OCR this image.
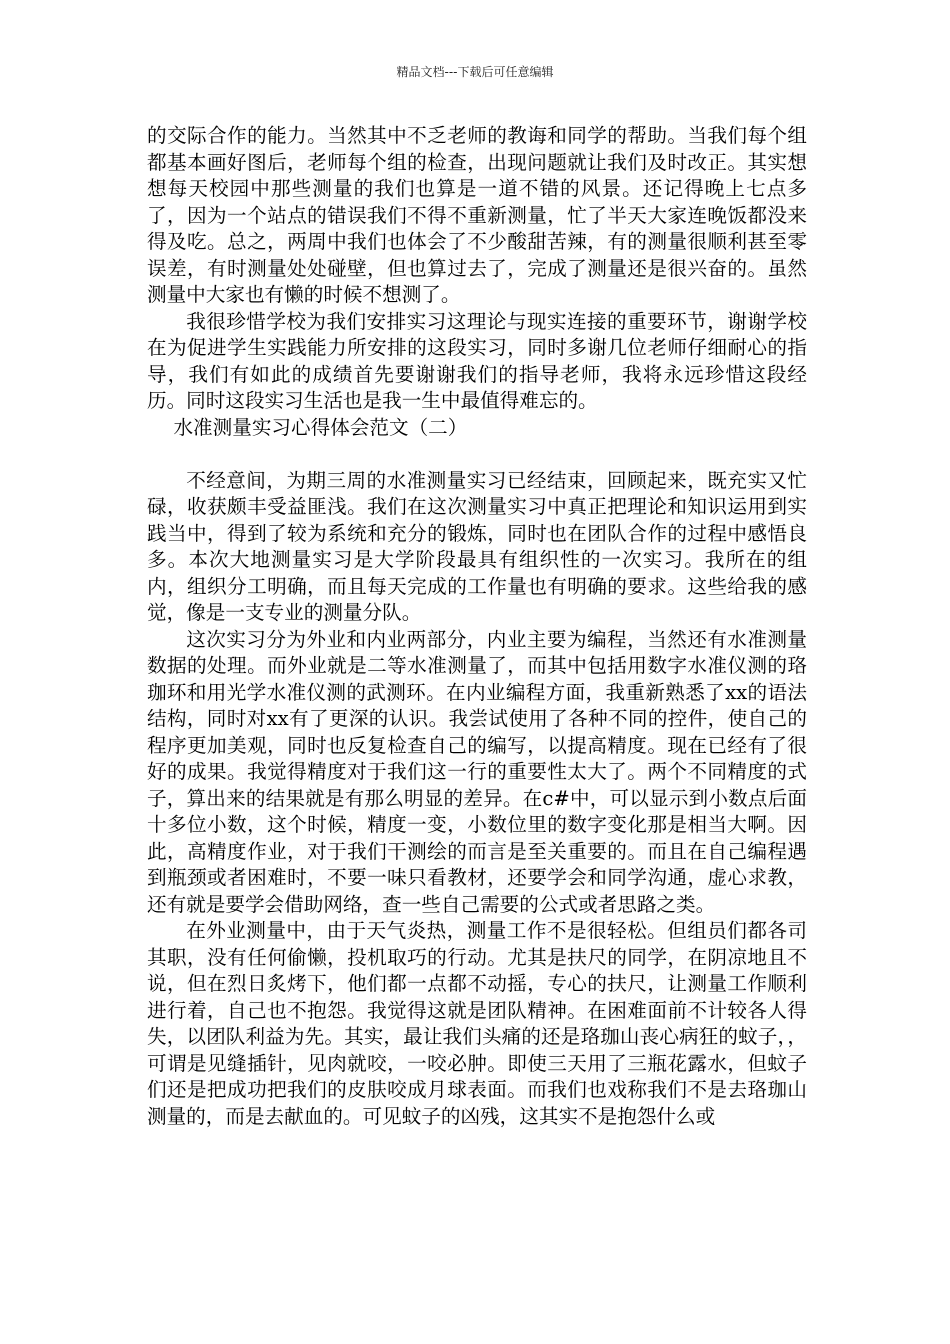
精品文档---下载后可任意编辑

的交际合作的能力。当然其中不乏老师的教诲和同学的帮助。当我们每个组都基本画好图后，老师每个组的检查，出现问题就让我们及时改正。其实想想每天校园中那些测量的我们也算是一道不错的风景。还记得晚上七点多了，因为一个站点的错误我们不得不重新测量，忙了半天大家连晚饭都没来得及吃。总之，两周中我们也体会了不少酸甜苦辣，有的测量很顺利甚至零误差，有时测量处处碰壁，但也算过去了，完成了测量还是很兴奋的。虽然测量中大家也有懒的时候不想测了。

我很珍惜学校为我们安排实习这理论与现实连接的重要环节，谢谢学校在为促进学生实践能力所安排的这段实习，同时多谢几位老师仔细耐心的指导，我们有如此的成绩首先要谢谢我们的指导老师，我将永远珍惜这段经历。同时这段实习生活也是我一生中最值得难忘的。

水准测量实习心得体会范文（二）

不经意间，为期三周的水准测量实习已经结束，回顾起来，既充实又忙碌，收获颇丰受益匪浅。我们在这次测量实习中真正把理论和知识运用到实践当中，得到了较为系统和充分的锻炼，同时也在团队合作的过程中感悟良多。本次大地测量实习是大学阶段最具有组织性的一次实习。我所在的组内，组织分工明确，而且每天完成的工作量也有明确的要求。这些给我的感觉，像是一支专业的测量分队。

这次实习分为外业和内业两部分，内业主要为编程，当然还有水准测量数据的处理。而外业就是二等水准测量了，而其中包括用数字水准仪测的珞珈环和用光学水准仪测的武测环。在内业编程方面，我重新熟悉了xx的语法结构，同时对xx有了更深的认识。我尝试使用了各种不同的控件，使自己的程序更加美观，同时也反复检查自己的编写，以提高精度。现在已经有了很好的成果。我觉得精度对于我们这一行的重要性太大了。两个不同精度的式子，算出来的结果就是有那么明显的差异。在c#中，可以显示到小数点后面十多位小数，这个时候，精度一变，小数位里的数字变化那是相当大啊。因此，高精度作业，对于我们干测绘的而言是至关重要的。而且在自己编程遇到瓶颈或者困难时，不要一味只看教材，还要学会和同学沟通，虚心求教，还有就是要学会借助网络，查一些自己需要的公式或者思路之类。

在外业测量中，由于天气炎热，测量工作不是很轻松。但组员们都各司其职，没有任何偷懒，投机取巧的行动。尤其是扶尺的同学，在阴凉地且不说，但在烈日炙烤下，他们都一点都不动摇，专心的扶尺，让测量工作顺利进行着，自己也不抱怨。我觉得这就是团队精神。在困难面前不计较各人得失，以团队利益为先。其实，最让我们头痛的还是珞珈山丧心病狂的蚊子，，可谓是见缝插针，见肉就咬，一咬必肿。即使三天用了三瓶花露水，但蚊子们还是把成功把我们的皮肤咬成月球表面。而我们也戏称我们不是去珞珈山测量的，而是去献血的。可见蚊子的凶残，这其实不是抱怨什么或
